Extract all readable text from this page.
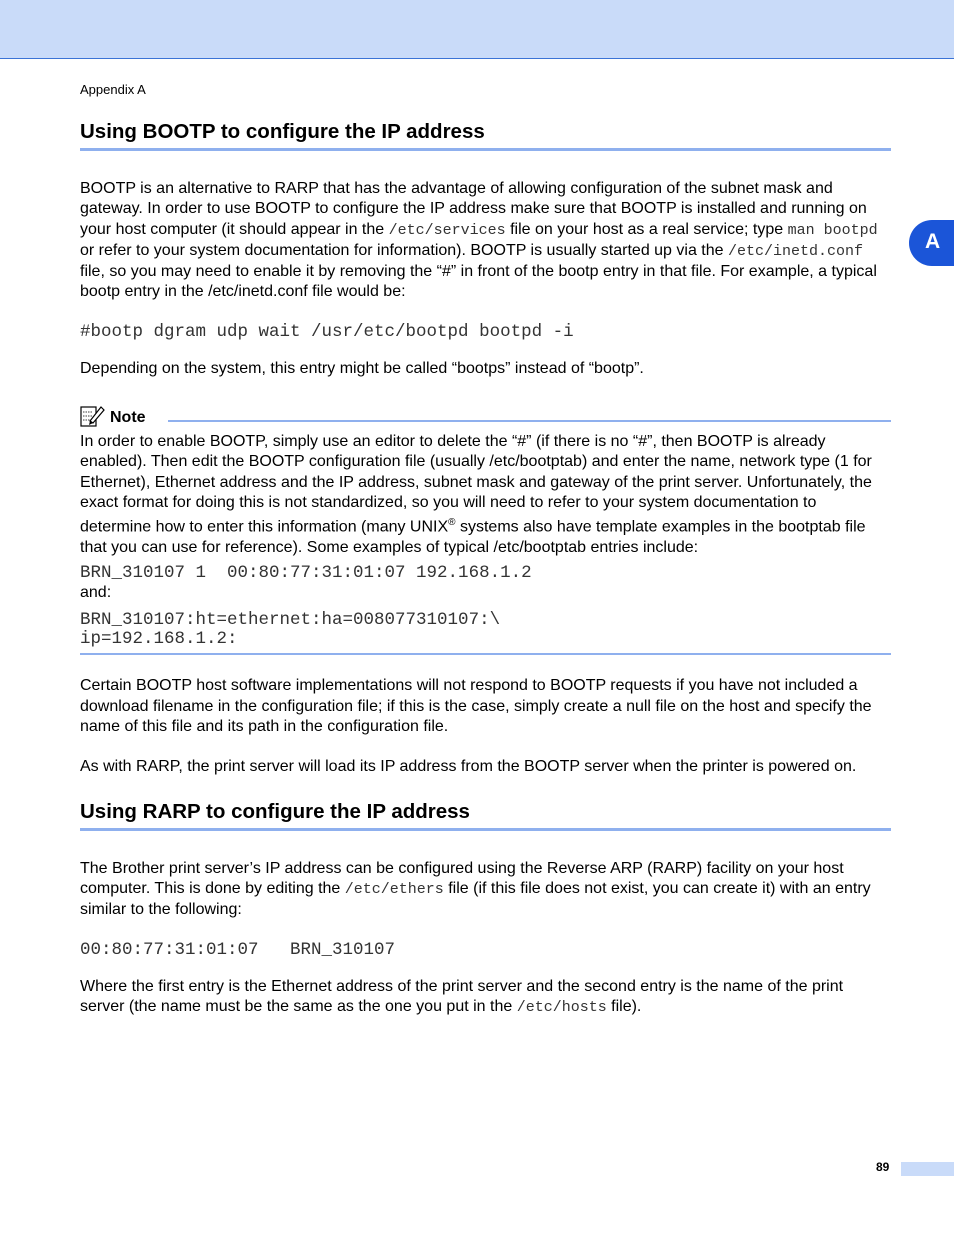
Appendix A
A
Using BOOTP to configure the IP address

BOOTP is an alternative to RARP that has the advantage of allowing configuration of the subnet mask and gateway. In order to use BOOTP to configure the IP address make sure that BOOTP is installed and running on your host computer (it should appear in the /etc/services file on your host as a real service; type man bootpd or refer to your system documentation for information). BOOTP is usually started up via the /etc/inetd.conf file, so you may need to enable it by removing the “#” in front of the bootp entry in that file. For example, a typical bootp entry in the /etc/inetd.conf file would be:

#bootp dgram udp wait /usr/etc/bootpd bootpd -i

Depending on the system, this entry might be called “bootps” instead of “bootp”.

Note

In order to enable BOOTP, simply use an editor to delete the “#” (if there is no “#”, then BOOTP is already enabled). Then edit the BOOTP configuration file (usually /etc/bootptab) and enter the name, network type (1 for Ethernet), Ethernet address and the IP address, subnet mask and gateway of the print server. Unfortunately, the exact format for doing this is not standardized, so you will need to refer to your system documentation to determine how to enter this information (many UNIX® systems also have template examples in the bootptab file that you can use for reference). Some examples of typical /etc/bootptab entries include:

BRN_310107 1  00:80:77:31:01:07 192.168.1.2

and:

BRN_310107:ht=ethernet:ha=008077310107:\
ip=192.168.1.2:

Certain BOOTP host software implementations will not respond to BOOTP requests if you have not included a download filename in the configuration file; if this is the case, simply create a null file on the host and specify the name of this file and its path in the configuration file.

As with RARP, the print server will load its IP address from the BOOTP server when the printer is powered on.

Using RARP to configure the IP address

The Brother print server’s IP address can be configured using the Reverse ARP (RARP) facility on your host computer. This is done by editing the /etc/ethers file (if this file does not exist, you can create it) with an entry similar to the following:

00:80:77:31:01:07   BRN_310107

Where the first entry is the Ethernet address of the print server and the second entry is the name of the print server (the name must be the same as the one you put in the /etc/hosts file).

89
